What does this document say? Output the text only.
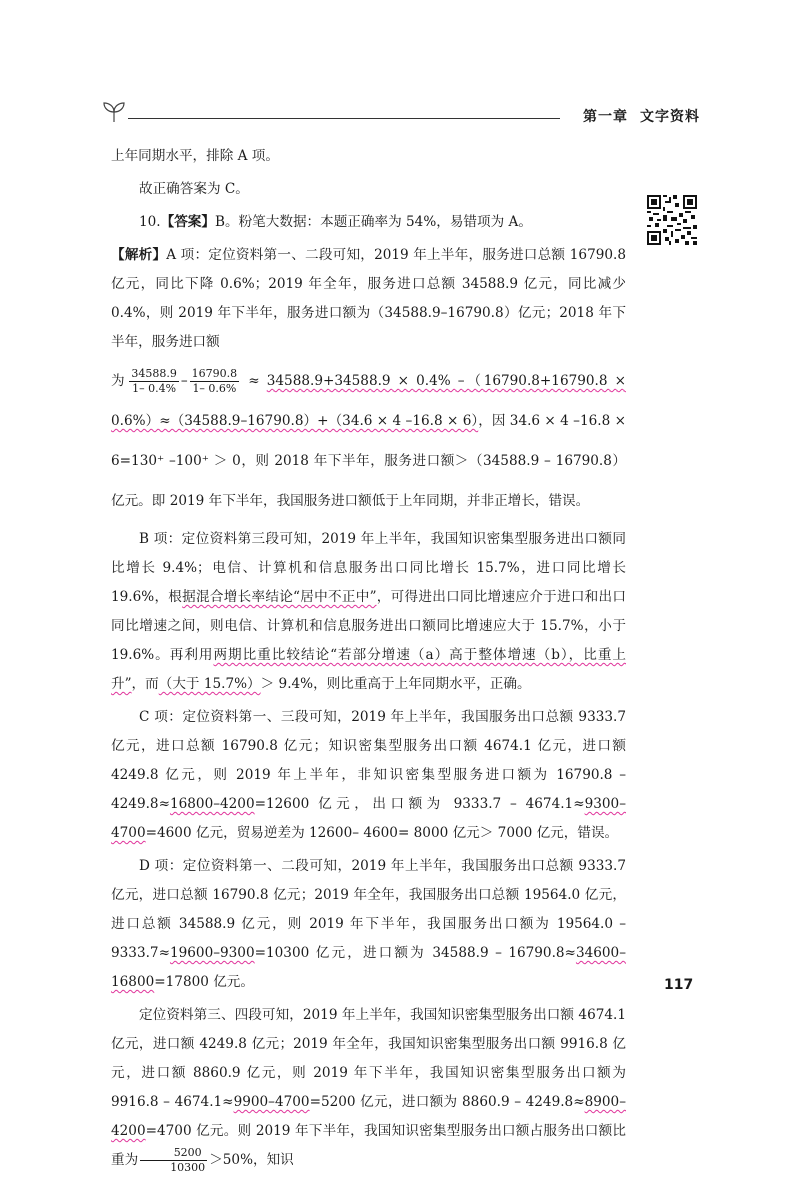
第一章 文字资料

上年同期水平，排除 A 项。

故正确答案为 C。

10.【答案】B。粉笔大数据：本题正确率为 54%，易错项为 A。

【解析】A 项：定位资料第一、二段可知，2019 年上半年，服务进口总额 16790.8 亿元，同比下降 0.6%；2019 年全年，服务进口总额 34588.9 亿元，同比减少 0.4%，则 2019 年下半年，服务进口额为（34588.9–16790.8）亿元；2018 年下半年，服务进口额

为 $\frac{34588.9}{1- 0.4\%} - \frac{16790.8}{1- 0.6\%} \approx 34588.9+34588.9 \times 0.4\%$ –（16790.8+16790.8 × 0.6%）≈（34588.9–16790.8）+（34.6 × 4 –16.8 × 6），因 34.6 × 4 –16.8 × 6=130⁺ –100⁺ ＞ 0，则 2018 年下半年，服务进口额＞（34588.9 – 16790.8）亿元。即 2019 年下半年，我国服务进口额低于上年同期，并非正增长，错误。

B 项：定位资料第三段可知，2019 年上半年，我国知识密集型服务进出口额同比增长 9.4%；电信、计算机和信息服务出口同比增长 15.7%，进口同比增长 19.6%，根据混合增长率结论“居中不正中”，可得进出口同比增速应介于进口和出口同比增速之间，则电信、计算机和信息服务进出口额同比增速应大于 15.7%，小于 19.6%。再利用两期比重比较结论“若部分增速（a）高于整体增速（b），比重上升”，而（大于 15.7%）＞ 9.4%，则比重高于上年同期水平，正确。

C 项：定位资料第一、三段可知，2019 年上半年，我国服务出口总额 9333.7 亿元，进口总额 16790.8 亿元；知识密集型服务出口额 4674.1 亿元，进口额 4249.8 亿元，则 2019 年上半年，非知识密集型服务进口额为 16790.8 – 4249.8≈16800–4200=12600 亿元，出口额为 9333.7 – 4674.1≈9300–4700=4600 亿元，贸易逆差为 12600– 4600= 8000 亿元＞ 7000 亿元，错误。

D 项：定位资料第一、二段可知，2019 年上半年，我国服务出口总额 9333.7 亿元，进口总额 16790.8 亿元；2019 年全年，我国服务出口总额 19564.0 亿元，进口总额 34588.9 亿元，则 2019 年下半年，我国服务出口额为 19564.0 – 9333.7≈19600–9300=10300 亿元，进口额为 34588.9 – 16790.8≈34600–16800=17800 亿元。

定位资料第三、四段可知，2019 年上半年，我国知识密集型服务出口额 4674.1 亿元，进口额 4249.8 亿元；2019 年全年，我国知识密集型服务出口额 9916.8 亿元，进口额 8860.9 亿元，则 2019 年下半年，我国知识密集型服务出口额为 9916.8 – 4674.1≈9900–4700=5200 亿元，进口额为 8860.9 – 4249.8≈8900–4200=4700 亿元。则 2019 年下半年，我国知识密集型服务出口额占服务出口额比重为 $\frac{5200}{10300} >50\%$，知识

117
